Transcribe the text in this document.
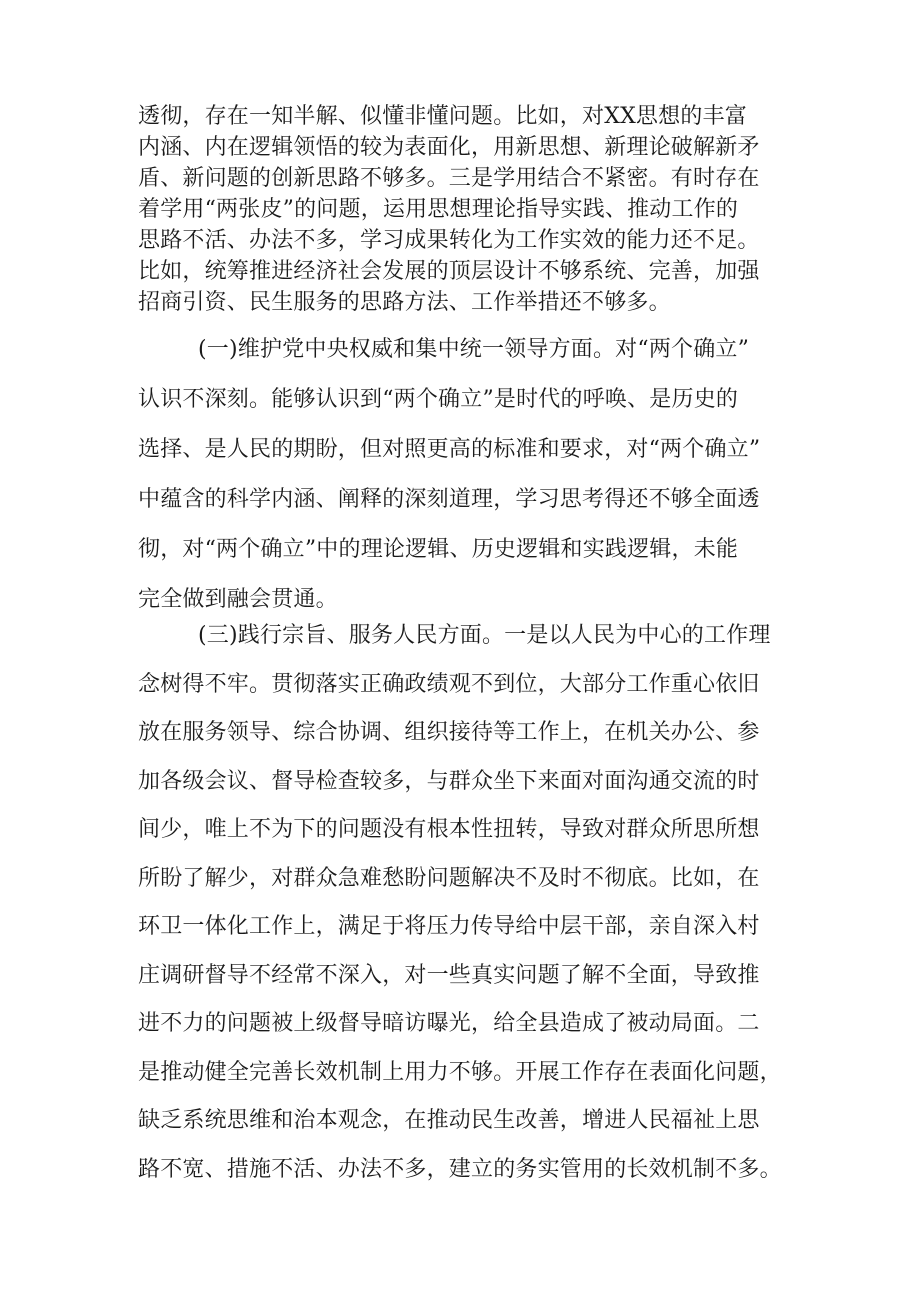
透彻，存在一知半解、似懂非懂问题。比如，对XX思想的丰富
内涵、内在逻辑领悟的较为表面化，用新思想、新理论破解新矛
盾、新问题的创新思路不够多。三是学用结合不紧密。有时存在
着学用“两张皮”的问题，运用思想理论指导实践、推动工作的
思路不活、办法不多，学习成果转化为工作实效的能力还不足。
比如，统筹推进经济社会发展的顶层设计不够系统、完善，加强
招商引资、民生服务的思路方法、工作举措还不够多。
(一)维护党中央权威和集中统一领导方面。对“两个确立”
认识不深刻。能够认识到“两个确立”是时代的呼唤、是历史的
选择、是人民的期盼，但对照更高的标准和要求，对“两个确立”
中蕴含的科学内涵、阐释的深刻道理，学习思考得还不够全面透
彻，对“两个确立”中的理论逻辑、历史逻辑和实践逻辑，未能
完全做到融会贯通。
(三)践行宗旨、服务人民方面。一是以人民为中心的工作理
念树得不牢。贯彻落实正确政绩观不到位，大部分工作重心依旧
放在服务领导、综合协调、组织接待等工作上，在机关办公、参
加各级会议、督导检查较多，与群众坐下来面对面沟通交流的时
间少，唯上不为下的问题没有根本性扭转，导致对群众所思所想
所盼了解少，对群众急难愁盼问题解决不及时不彻底。比如，在
环卫一体化工作上，满足于将压力传导给中层干部，亲自深入村
庄调研督导不经常不深入，对一些真实问题了解不全面，导致推
进不力的问题被上级督导暗访曝光，给全县造成了被动局面。二
是推动健全完善长效机制上用力不够。开展工作存在表面化问题，
缺乏系统思维和治本观念，在推动民生改善，增进人民福祉上思
路不宽、措施不活、办法不多，建立的务实管用的长效机制不多。
